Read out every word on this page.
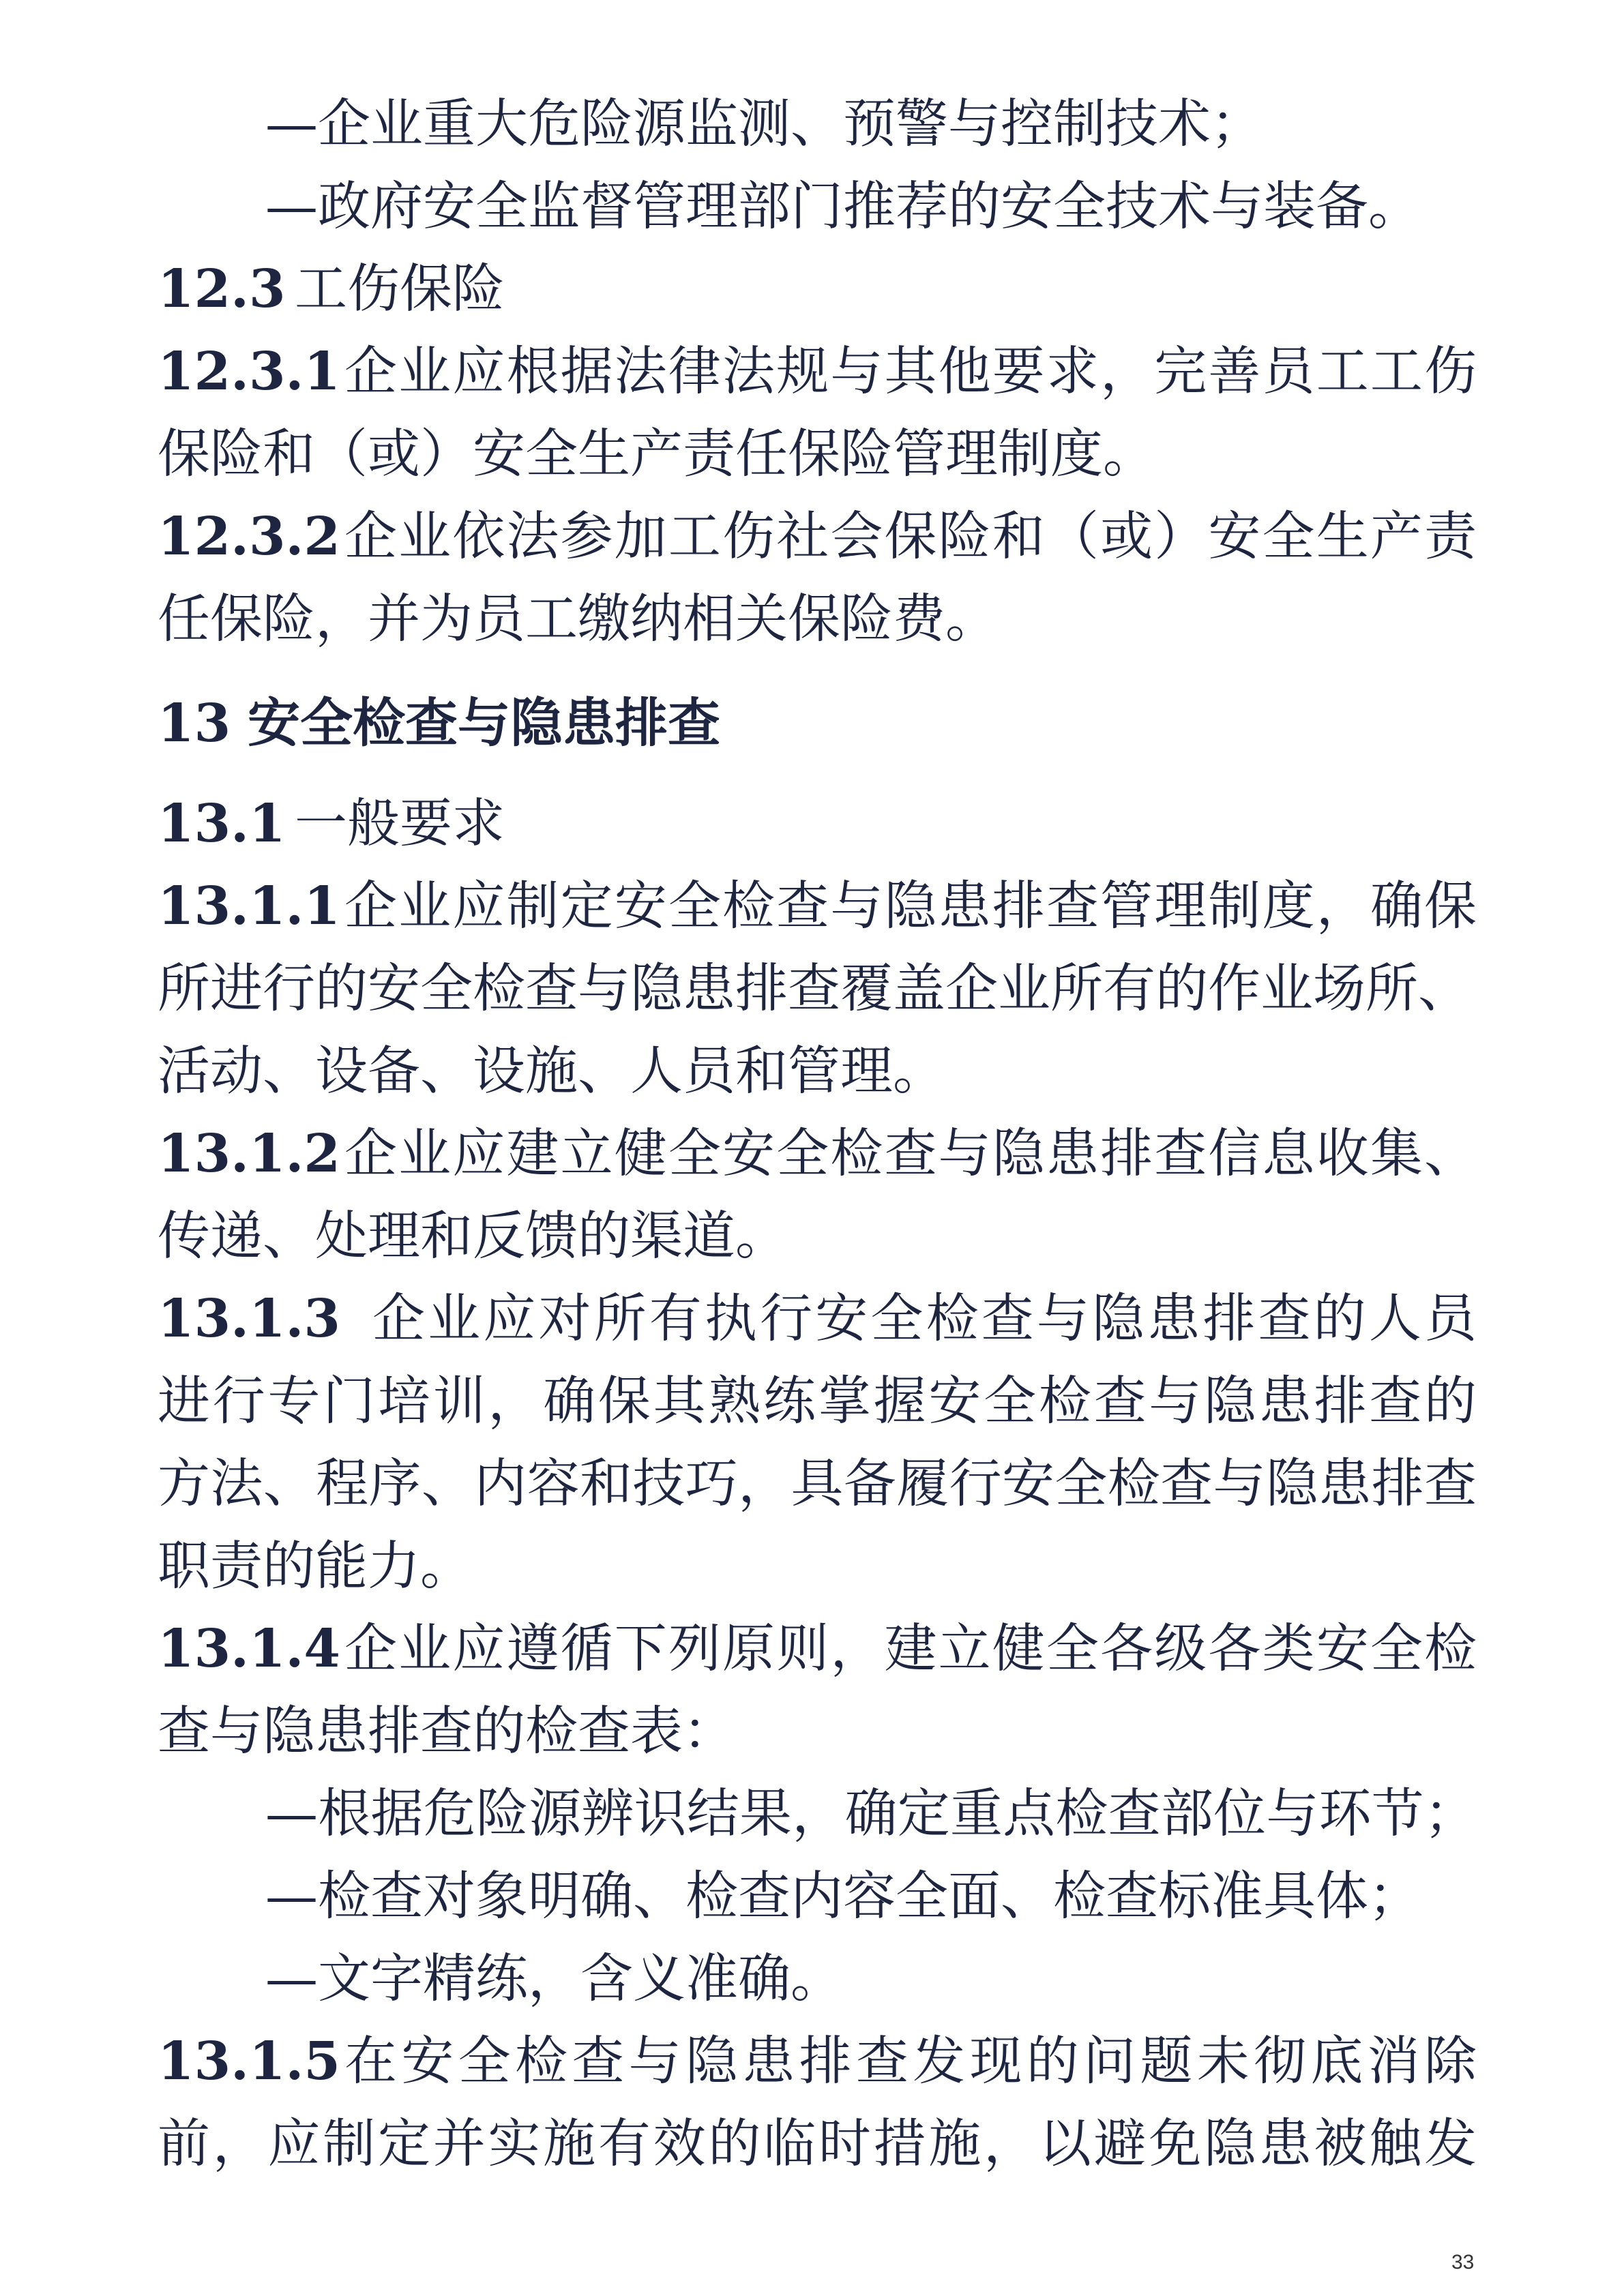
—企业重大危险源监测、预警与控制技术；
—政府安全监督管理部门推荐的安全技术与装备。
12.3 工伤保险
12.3.1 企业应根据法律法规与其他要求，完善员工工伤
保险和（或）安全生产责任保险管理制度。
12.3.2 企业依法参加工伤社会保险和（或）安全生产责
任保险，并为员工缴纳相关保险费。
13 安全检查与隐患排查
13.1 一般要求
13.1.1 企业应制定安全检查与隐患排查管理制度，确保
所进行的安全检查与隐患排查覆盖企业所有的作业场所、
活动、设备、设施、人员和管理。
13.1.2 企业应建立健全安全检查与隐患排查信息收集、
传递、处理和反馈的渠道。
13.1.3 企业应对所有执行安全检查与隐患排查的人员
进行专门培训，确保其熟练掌握安全检查与隐患排查的
方法、程序、内容和技巧，具备履行安全检查与隐患排查
职责的能力。
13.1.4 企业应遵循下列原则，建立健全各级各类安全检
查与隐患排查的检查表：
—根据危险源辨识结果，确定重点检查部位与环节；
—检查对象明确、检查内容全面、检查标准具体；
—文字精练，含义准确。
13.1.5 在安全检查与隐患排查发现的问题未彻底消除
前，应制定并实施有效的临时措施，以避免隐患被触发
33
